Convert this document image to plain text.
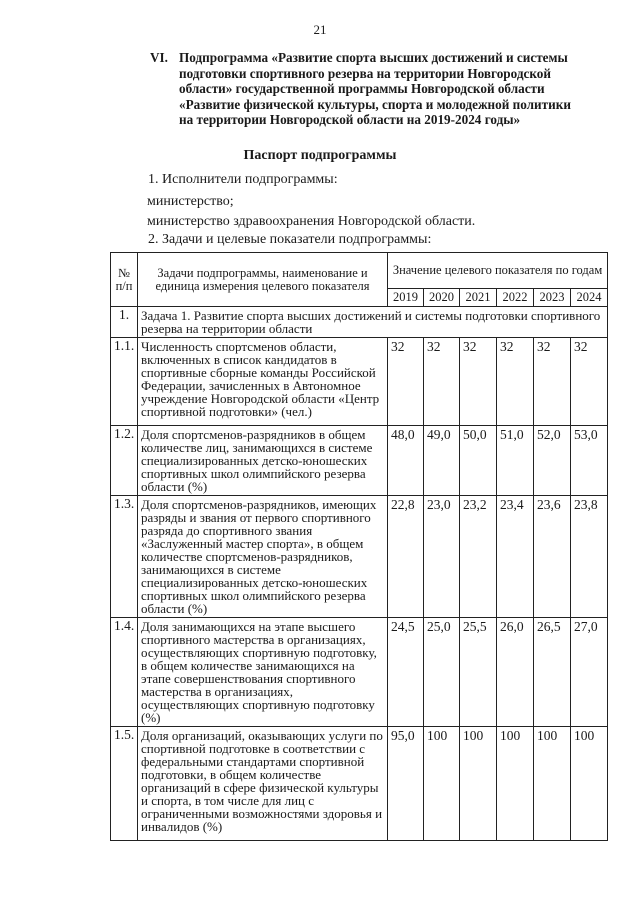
21
VI. Подпрограмма «Развитие спорта высших достижений и системы подготовки спортивного резерва на территории Новгородской области» государственной программы Новгородской области «Развитие физической культуры, спорта и молодежной политики на территории Новгородской области на 2019-2024 годы»
Паспорт подпрограммы
1. Исполнители подпрограммы:
министерство;
министерство здравоохранения Новгородской области.
2. Задачи и целевые показатели подпрограммы:
№ п/п	Задачи подпрограммы, наименование и единица измерения целевого показателя	Значение целевого показателя по годам					
		2019	2020	2021	2022	2023	2024
1.	Задача 1. Развитие спорта высших достижений и системы подготовки спортивного резерва на территории области						
1.1.	Численность спортсменов области, включенных в список кандидатов в спортивные сборные команды Российской Федерации, зачисленных в Автономное учреждение Новгородской области «Центр спортивной подготовки» (чел.)	32	32	32	32	32	32
1.2.	Доля спортсменов-разрядников в общем количестве лиц, занимающихся в системе специализированных детско-юношеских спортивных школ олимпийского резерва области (%)	48,0	49,0	50,0	51,0	52,0	53,0
1.3.	Доля спортсменов-разрядников, имеющих разряды и звания от первого спортивного разряда до спортивного звания «Заслуженный мастер спорта», в общем количестве спортсменов-разрядников, занимающихся в системе специализированных детско-юношеских спортивных школ олимпийского резерва области (%)	22,8	23,0	23,2	23,4	23,6	23,8
1.4.	Доля занимающихся на этапе высшего спортивного мастерства в организациях, осуществляющих спортивную подготовку, в общем количестве занимающихся на этапе совершенствования спортивного мастерства в организациях, осуществляющих спортивную подготовку (%)	24,5	25,0	25,5	26,0	26,5	27,0
1.5.	Доля организаций, оказывающих услуги по спортивной подготовке в соответствии с федеральными стандартами спортивной подготовки, в общем количестве организаций в сфере физической культуры и спорта, в том числе для лиц с ограниченными возможностями здоровья и инвалидов (%)	95,0	100	100	100	100	100
